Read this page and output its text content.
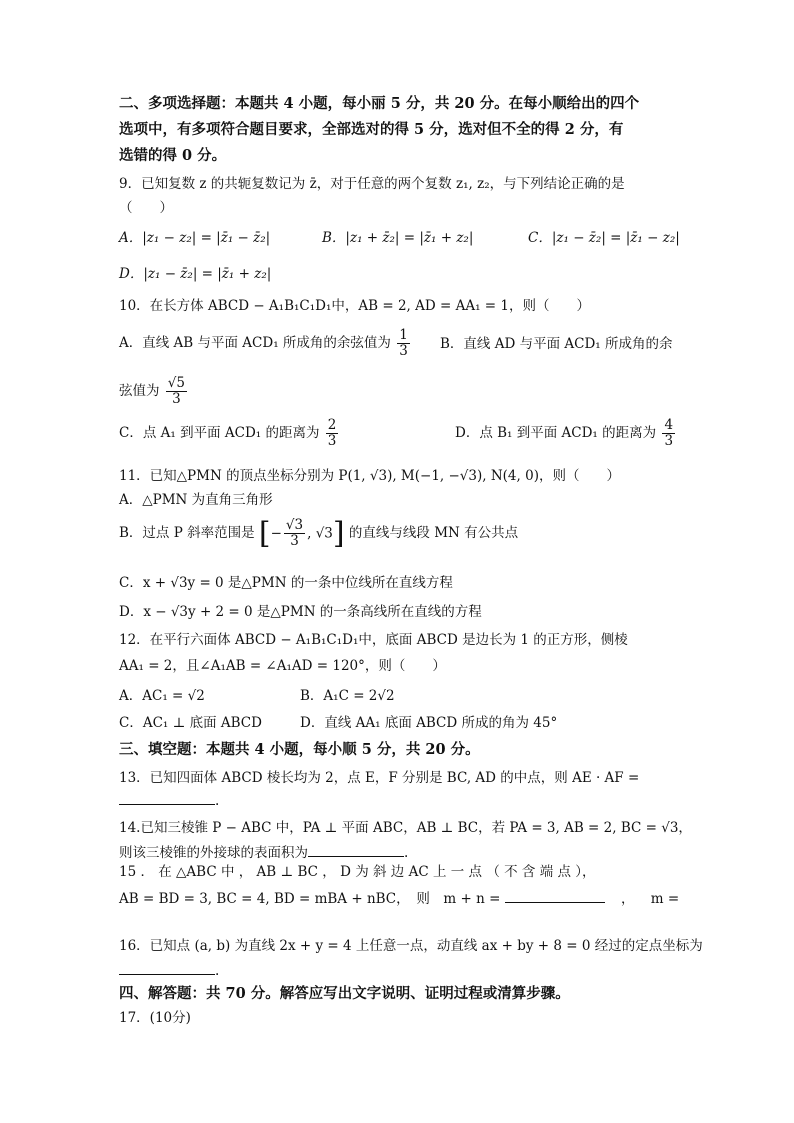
二、多项选择题：本题共 4 小题，每小丽 5 分，共 20 分。在每小顺给出的四个
选项中，有多项符合题目要求，全部选对的得 5 分，选对但不全的得 2 分，有
选错的得 0 分。
9．已知复数 z 的共轭复数记为 z̄，对于任意的两个复数 z₁, z₂，与下列结论正确的是
（　　）
A．|z₁ − z₂| = |z̄₁ − z̄₂|	B．|z₁ + z̄₂| = |z̄₁ + z₂|	C．|z₁ − z̄₂| = |z̄₁ − z₂|
D．|z₁ − z̄₂| = |z̄₁ + z₂|
10．在长方体 ABCD − A₁B₁C₁D₁中，AB = 2, AD = AA₁ = 1，则（　　）
A．直线 AB 与平面 ACD₁ 所成角的余弦值为 $\frac{1}{3}$ B．直线 AD 与平面 ACD₁ 所成角的余
弦值为 $\frac{√5}{3}$
C．点 A₁ 到平面 ACD₁ 的距离为 $\frac{2}{3}$	D．点 B₁ 到平面 ACD₁ 的距离为 $\frac{4}{3}$
11．已知△PMN 的顶点坐标分别为 P(1, √3), M(−1, −√3), N(4, 0)，则（　　）
A．△PMN 为直角三角形
B．过点 P 斜率范围是 [− $\frac{√3}{3}$ , √3] 的直线与线段 MN 有公共点
C．x + √3y = 0 是△PMN 的一条中位线所在直线方程
D．x − √3y + 2 = 0 是△PMN 的一条高线所在直线的方程
12．在平行六面体 ABCD − A₁B₁C₁D₁中，底面 ABCD 是边长为 1 的正方形，侧棱
AA₁ = 2，且∠A₁AB = ∠A₁AD = 120°，则（　　）
A．AC₁ = √2	B．A₁C = 2√2
C．AC₁ ⊥ 底面 ABCD	D．直线 AA₁ 底面 ABCD 所成的角为 45°
三、填空题：本题共 4 小题，每小顺 5 分，共 20 分。
13．已知四面体 ABCD 棱长均为 2，点 E，F 分别是 BC, AD 的中点，则 AE · AF =
.
14.已知三棱锥 P − ABC 中，PA ⊥ 平面 ABC，AB ⊥ BC，若 PA = 3, AB = 2, BC = √3，
则该三棱锥的外接球的表面积为	.
15 ． 在 △ABC 中 ， AB ⊥ BC ， D 为 斜 边 AC 上 一 点 （ 不 含 端 点 ），
AB = BD = 3, BC = 4, BD = mBA + nBC，　则　m + n =	， m =
16．已知点 (a, b) 为直线 2x + y = 4 上任意一点，动直线 ax + by + 8 = 0 经过的定点坐标为
.
四、解答题：共 70 分。解答应写出文字说明、证明过程或清算步骤。
17．(10分)
